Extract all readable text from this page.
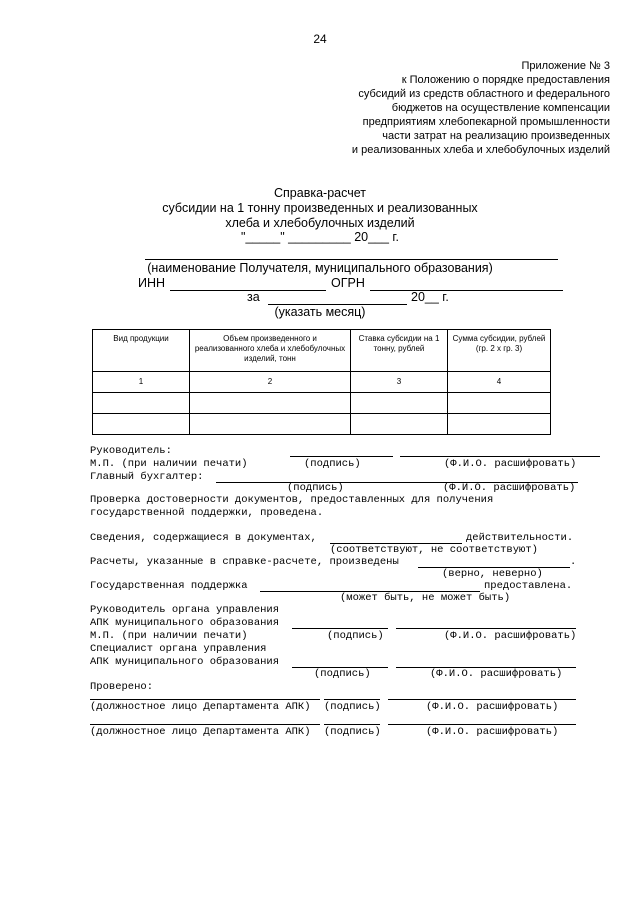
24
Приложение № 3
к Положению о порядке предоставления
субсидий из средств областного и федерального
бюджетов на осуществление компенсации
предприятиям хлебопекарной промышленности
части затрат на реализацию произведенных
и реализованных хлеба и хлебобулочных изделий
Справка-расчет
субсидии на 1 тонну произведенных и реализованных
хлеба и хлебобулочных изделий
"_____" _________ 20___ г.
(наименование Получателя, муниципального образования)
ИНН	ОГРН
за	20__ г.
(указать месяц)
Вид продукции	Объем произведенного и реализованного хлеба и хлебобулочных изделий, тонн	Ставка субсидии на 1 тонну, рублей	Сумма субсидии, рублей (гр. 2 x гр. 3)
1	2	3	4

Руководитель:
М.П. (при наличии печати)	(подпись)	(Ф.И.О. расшифровать)
Главный бухгалтер:
(подпись)	(Ф.И.О. расшифровать)
Проверка достоверности документов, предоставленных для получения
государственной поддержки, проведена.
Сведения, содержащиеся в документах,	действительности.
(соответствуют, не соответствуют)
Расчеты, указанные в справке-расчете, произведены	.
(верно, неверно)
Государственная поддержка	предоставлена.
(может быть, не может быть)
Руководитель органа управления
АПК муниципального образования
М.П. (при наличии печати)	(подпись)	(Ф.И.О. расшифровать)
Специалист органа управления
АПК муниципального образования
(подпись)	(Ф.И.О. расшифровать)
Проверено:
(должностное лицо Департамента АПК) (подпись)	(Ф.И.О. расшифровать)
(должностное лицо Департамента АПК) (подпись)	(Ф.И.О. расшифровать)
